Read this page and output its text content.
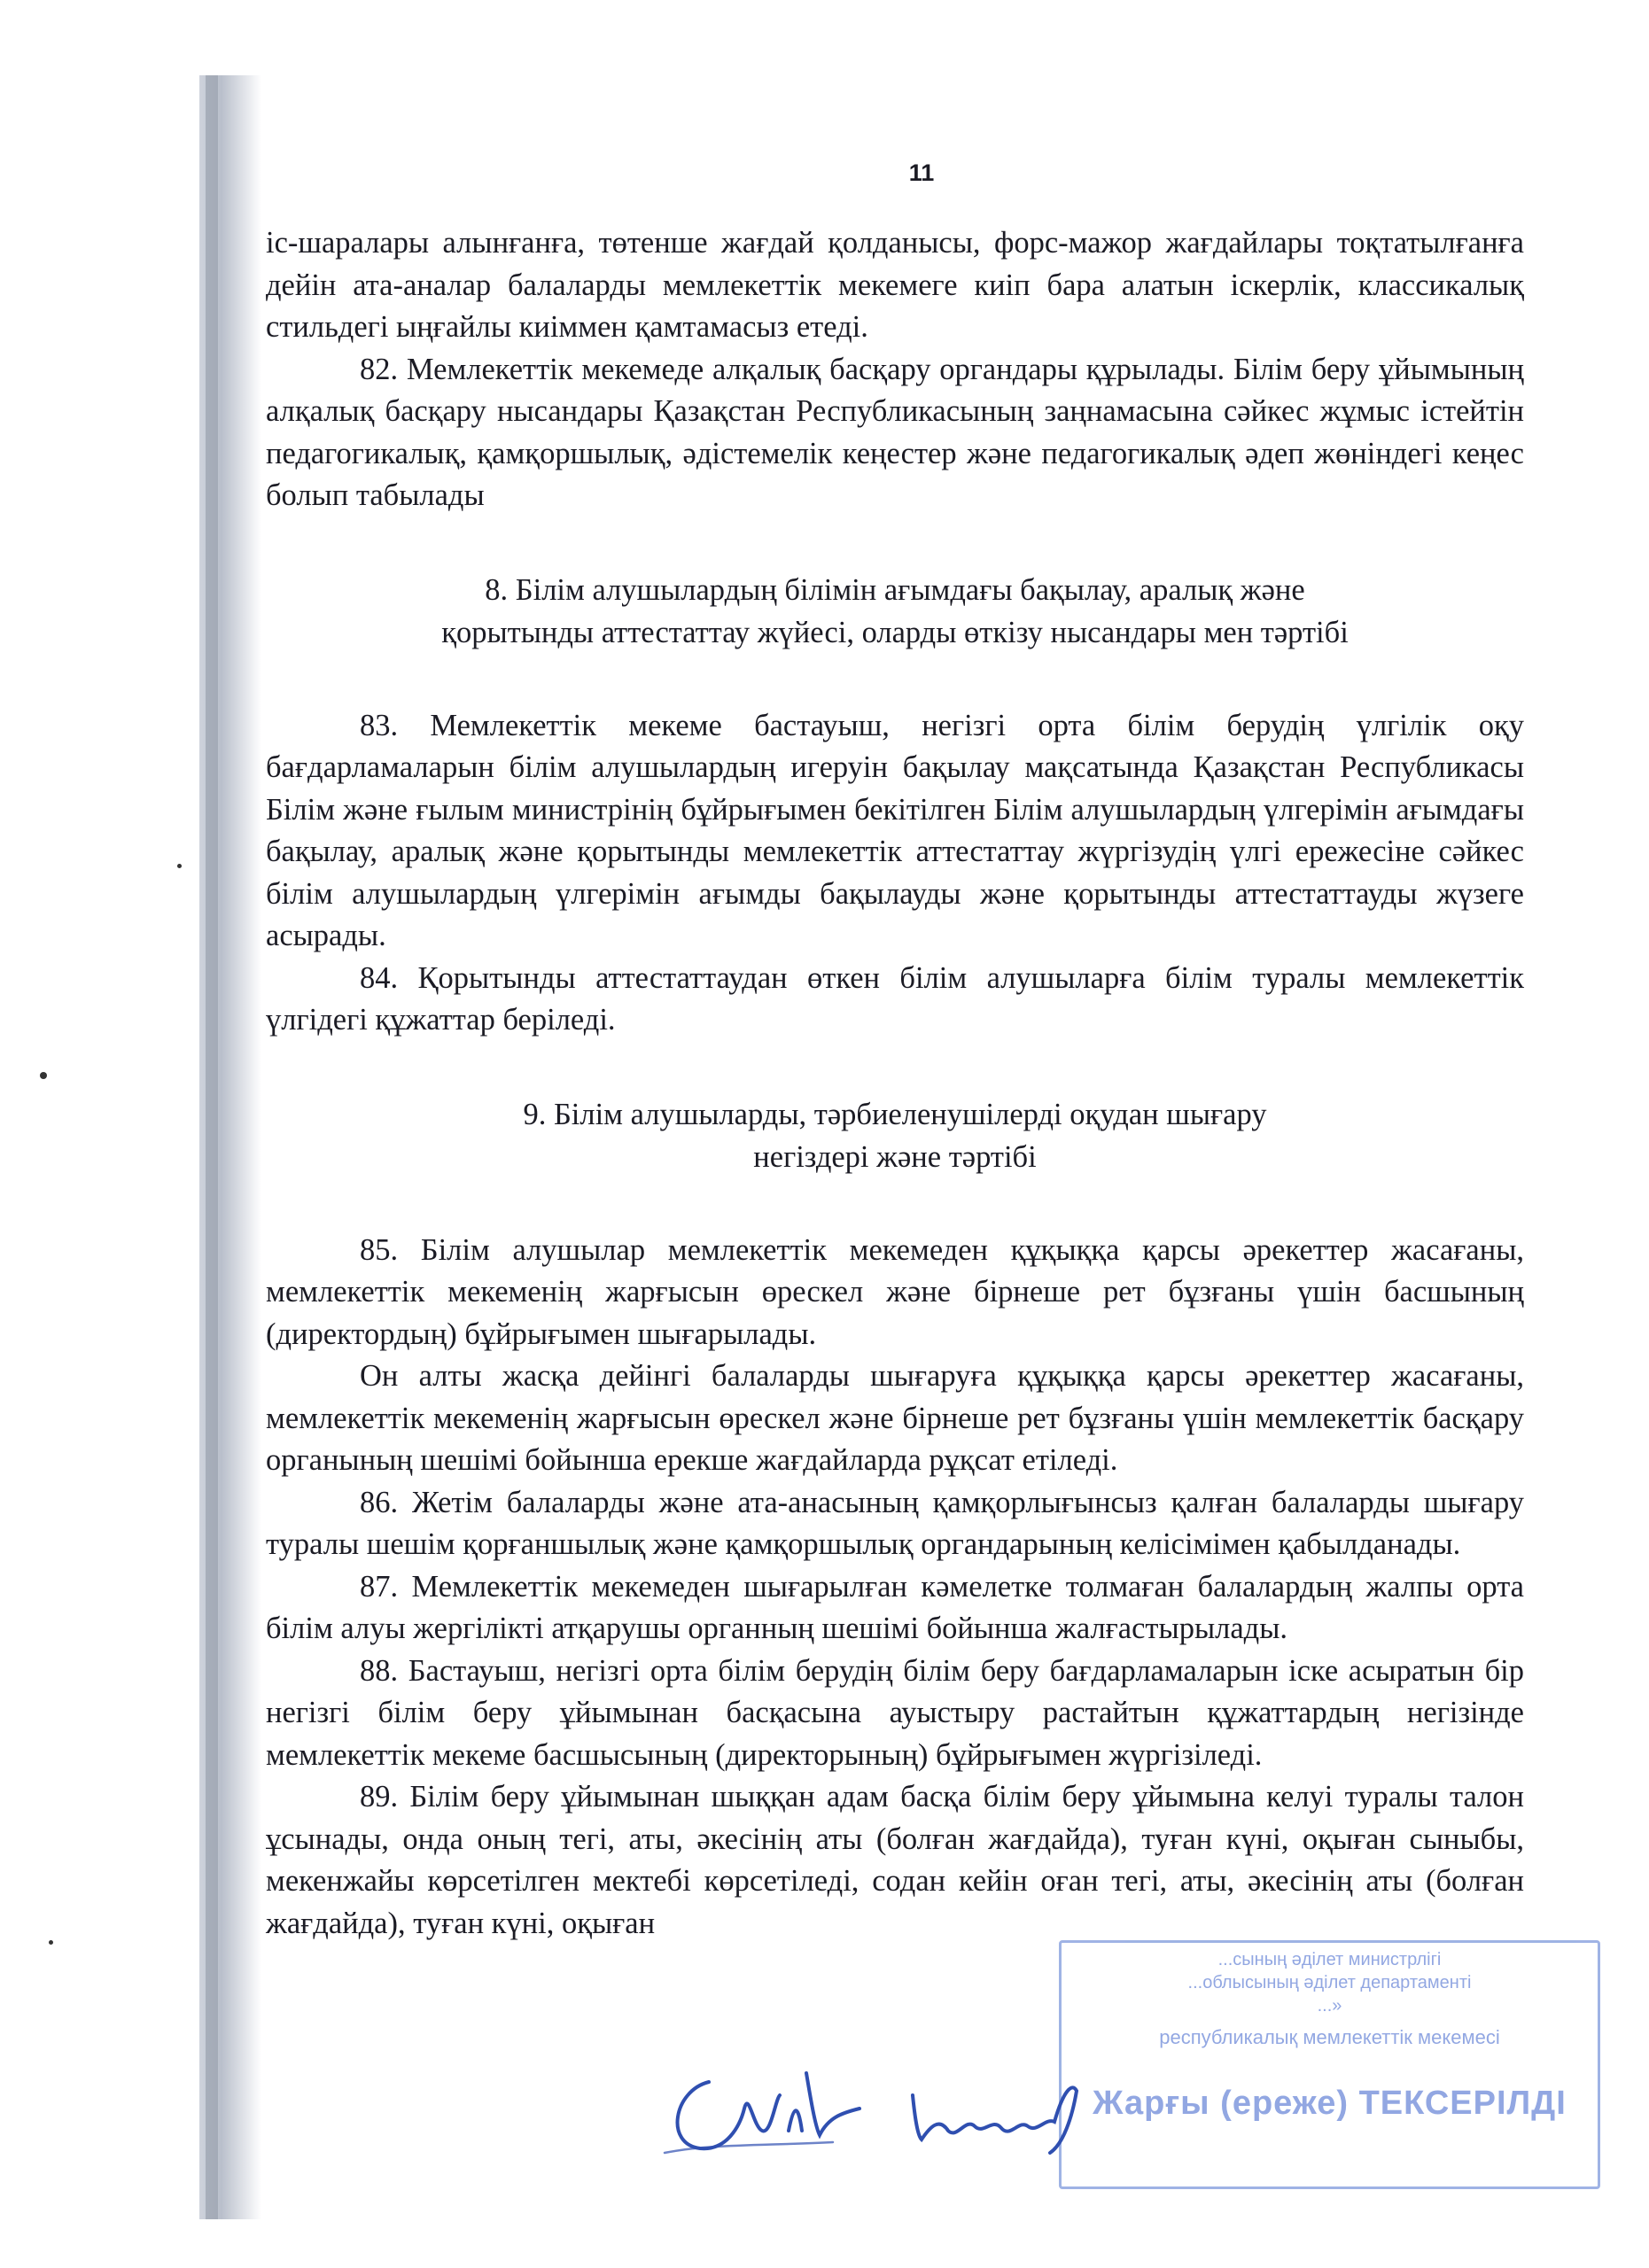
11

іс-шаралары алынғанға, төтенше жағдай қолданысы, форс-мажор жағдайлары тоқтатылғанға дейін ата-аналар балаларды мемлекеттік мекемеге киіп бара алатын іскерлік, классикалық стильдегі ыңғайлы киіммен қамтамасыз етеді.

82. Мемлекеттік мекемеде алқалық басқару органдары құрылады. Білім беру ұйымының алқалық басқару нысандары Қазақстан Республикасының заңнамасына сәйкес жұмыс істейтін педагогикалық, қамқоршылық, әдістемелік кеңестер және педагогикалық әдеп жөніндегі кеңес болып табылады

8. Білім алушылардың білімін ағымдағы бақылау, аралық және
қорытынды аттестаттау жүйесі, оларды өткізу нысандары мен тәртібі

83. Мемлекеттік мекеме бастауыш, негізгі орта білім берудің үлгілік оқу бағдарламаларын білім алушылардың игеруін бақылау мақсатында Қазақстан Республикасы Білім және ғылым министрінің бұйрығымен бекітілген Білім алушылардың үлгерімін ағымдағы бақылау, аралық және қорытынды мемлекеттік аттестаттау жүргізудің үлгі ережесіне сәйкес білім алушылардың үлгерімін ағымды бақылауды және қорытынды аттестаттауды жүзеге асырады.

84. Қорытынды аттестаттаудан өткен білім алушыларға білім туралы мемлекеттік үлгідегі құжаттар беріледі.

9. Білім алушыларды, тәрбиеленушілерді оқудан шығару
негіздері және тәртібі

85. Білім алушылар мемлекеттік мекемеден құқыққа қарсы әрекеттер жасағаны, мемлекеттік мекеменің жарғысын өрескел және бірнеше рет бұзғаны үшін басшының (директордың) бұйрығымен шығарылады.

Он алты жасқа дейінгі балаларды шығаруға құқыққа қарсы әрекеттер жасағаны, мемлекеттік мекеменің жарғысын өрескел және бірнеше рет бұзғаны үшін мемлекеттік басқару органының шешімі бойынша ерекше жағдайларда рұқсат етіледі.

86. Жетім балаларды және ата-анасының қамқорлығынсыз қалған балаларды шығару туралы шешім қорғаншылық және қамқоршылық органдарының келісімімен қабылданады.

87. Мемлекеттік мекемеден шығарылған кәмелетке толмаған балалардың жалпы орта білім алуы жергілікті атқарушы органның шешімі бойынша жалғастырылады.

88. Бастауыш, негізгі орта білім берудің білім беру бағдарламаларын іске асыратын бір негізгі білім беру ұйымынан басқасына ауыстыру растайтын құжаттардың негізінде мемлекеттік мекеме басшысының (директорының) бұйрығымен жүргізіледі.

89. Білім беру ұйымынан шыққан адам басқа білім беру ұйымына келуі туралы талон ұсынады, онда оның тегі, аты, әкесінің аты (болған жағдайда), туған күні, оқыған сыныбы, мекенжайы көрсетілген мектебі көрсетіледі, содан кейін оған тегі, аты, әкесінің аты (болған жағдайда), туған күні, оқыған

...сының әділет министрлігі
...облысының әділет департаменті
...»
республикалық мемлекеттік мекемесі
Жарғы (ереже) ТЕКСЕРІЛДІ
